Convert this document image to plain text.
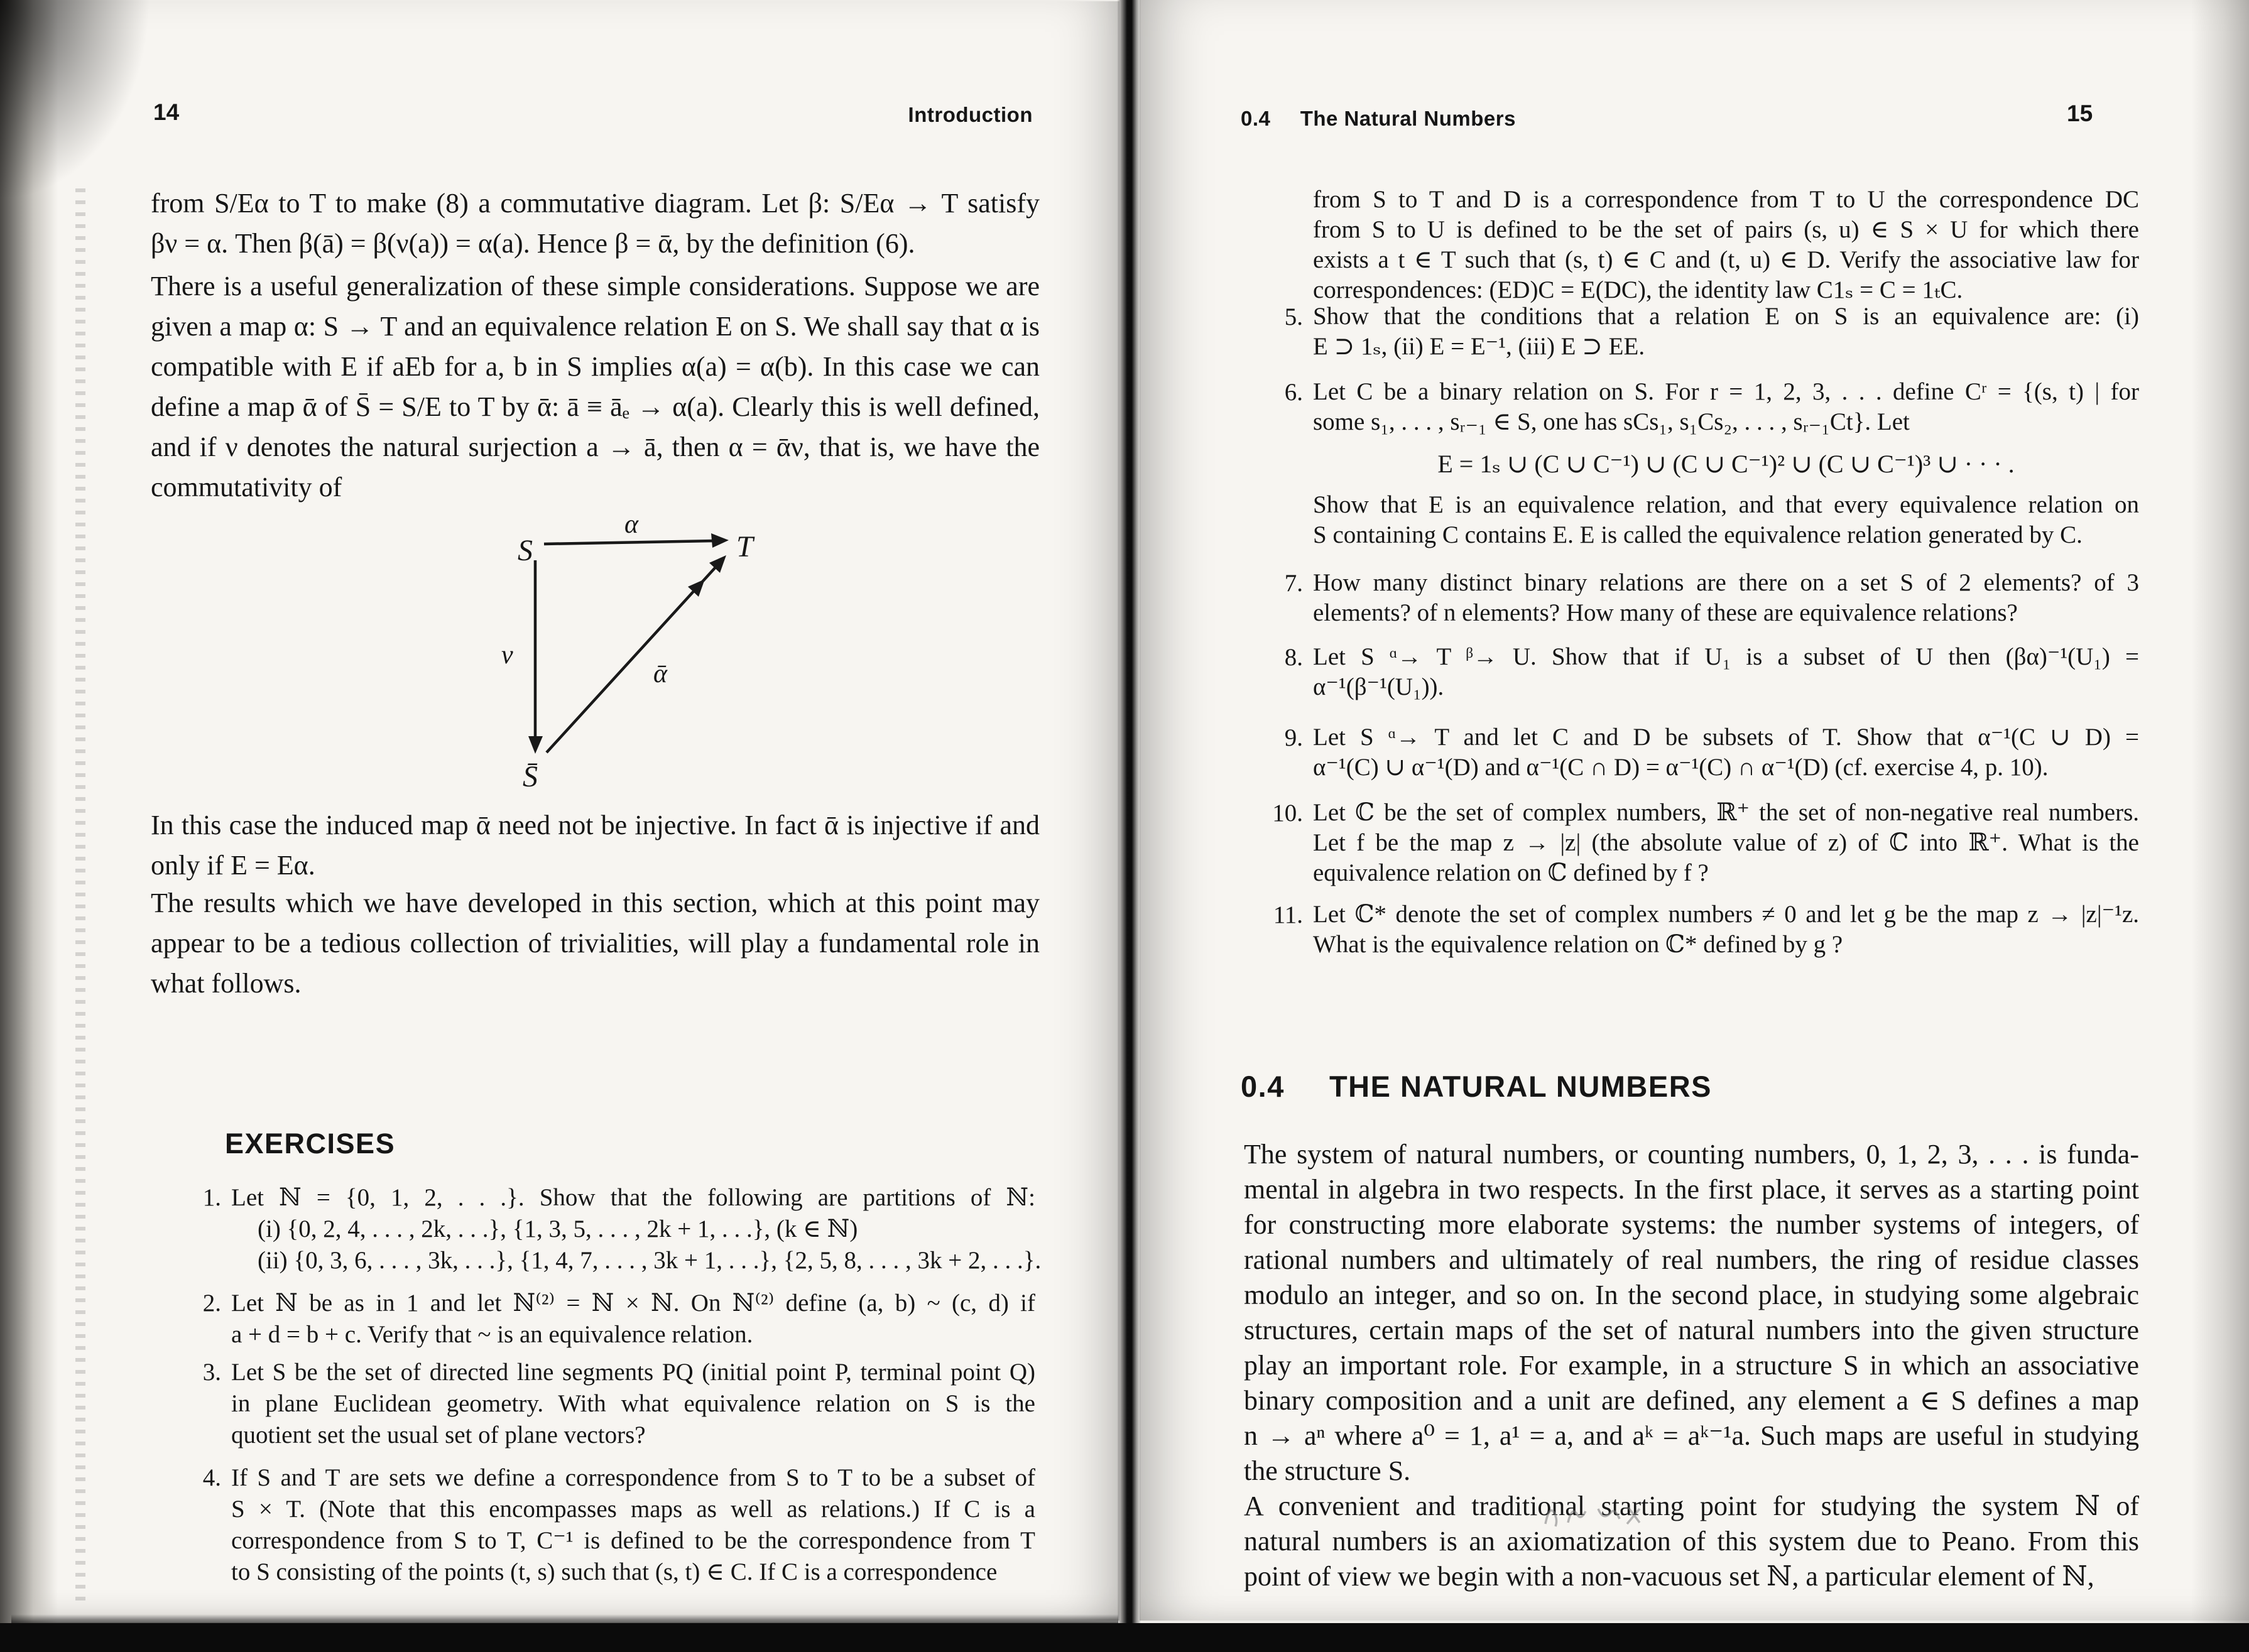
14	Introduction
from S/Eα to T to make (8) a commutative diagram. Let β: S/Eα → T satisfy
βν = α. Then β(ā) = β(ν(a)) = α(a). Hence β = ᾱ, by the definition (6).
There is a useful generalization of these simple considerations. Suppose we are
given a map α: S → T and an equivalence relation E on S. We shall say that α is
compatible with E if aEb for a, b in S implies α(a) = α(b). In this case we can
define a map ᾱ of S̄ = S/E to T by ᾱ: ā ≡ āₑ → α(a). Clearly this is well defined,
and if ν denotes the natural surjection a → ā, then α = ᾱν, that is, we have the
commutativity of
S	T
S̄
α
ν
ᾱ
In this case the induced map ᾱ need not be injective. In fact ᾱ is injective if and
only if E = Eα.
The results which we have developed in this section, which at this point may
appear to be a tedious collection of trivialities, will play a fundamental role in
what follows.
EXERCISES
1. Let ℕ = {0, 1, 2, . . .}. Show that the following are partitions of ℕ:
(i) {0, 2, 4, . . . , 2k, . . .}, {1, 3, 5, . . . , 2k + 1, . . .}, (k ∈ ℕ)
(ii) {0, 3, 6, . . . , 3k, . . .}, {1, 4, 7, . . . , 3k + 1, . . .}, {2, 5, 8, . . . , 3k + 2, . . .}.
2. Let ℕ be as in 1 and let ℕ⁽²⁾ = ℕ × ℕ. On ℕ⁽²⁾ define (a, b) ~ (c, d) if
a + d = b + c. Verify that ~ is an equivalence relation.
3. Let S be the set of directed line segments PQ (initial point P, terminal point Q)
in plane Euclidean geometry. With what equivalence relation on S is the
quotient set the usual set of plane vectors?
4. If S and T are sets we define a correspondence from S to T to be a subset of
S × T. (Note that this encompasses maps as well as relations.) If C is a
correspondence from S to T, C⁻¹ is defined to be the correspondence from T
to S consisting of the points (t, s) such that (s, t) ∈ C. If C is a correspondence
0.4 The Natural Numbers	15
from S to T and D is a correspondence from T to U the correspondence DC
from S to U is defined to be the set of pairs (s, u) ∈ S × U for which there
exists a t ∈ T such that (s, t) ∈ C and (t, u) ∈ D. Verify the associative law for
correspondences: (ED)C = E(DC), the identity law C1ₛ = C = 1ₜC.
5. Show that the conditions that a relation E on S is an equivalence are: (i)
E ⊃ 1ₛ, (ii) E = E⁻¹, (iii) E ⊃ EE.
6. Let C be a binary relation on S. For r = 1, 2, 3, . . . define Cʳ = {(s, t) | for
some s₁, . . . , sᵣ₋₁ ∈ S, one has sCs₁, s₁Cs₂, . . . , sᵣ₋₁Ct}. Let
E = 1ₛ ∪ (C ∪ C⁻¹) ∪ (C ∪ C⁻¹)² ∪ (C ∪ C⁻¹)³ ∪ · · · .
Show that E is an equivalence relation, and that every equivalence relation on
S containing C contains E. E is called the equivalence relation generated by C.
7. How many distinct binary relations are there on a set S of 2 elements? of 3
elements? of n elements? How many of these are equivalence relations?
8. Let S ᵅ→ T ᵝ→ U. Show that if U₁ is a subset of U then (βα)⁻¹(U₁) =
α⁻¹(β⁻¹(U₁)).
9. Let S ᵅ→ T and let C and D be subsets of T. Show that α⁻¹(C ∪ D) =
α⁻¹(C) ∪ α⁻¹(D) and α⁻¹(C ∩ D) = α⁻¹(C) ∩ α⁻¹(D) (cf. exercise 4, p. 10).
10. Let ℂ be the set of complex numbers, ℝ⁺ the set of non-negative real numbers.
Let f be the map z → |z| (the absolute value of z) of ℂ into ℝ⁺. What is the
equivalence relation on ℂ defined by f ?
11. Let ℂ* denote the set of complex numbers ≠ 0 and let g be the map z → |z|⁻¹z.
What is the equivalence relation on ℂ* defined by g ?
0.4 THE NATURAL NUMBERS
The system of natural numbers, or counting numbers, 0, 1, 2, 3, . . . is funda-
mental in algebra in two respects. In the first place, it serves as a starting point
for constructing more elaborate systems: the number systems of integers, of
rational numbers and ultimately of real numbers, the ring of residue classes
modulo an integer, and so on. In the second place, in studying some algebraic
structures, certain maps of the set of natural numbers into the given structure
play an important role. For example, in a structure S in which an associative
binary composition and a unit are defined, any element a ∈ S defines a map
n → aⁿ where a⁰ = 1, a¹ = a, and aᵏ = aᵏ⁻¹a. Such maps are useful in studying
the structure S.
A convenient and traditional starting point for studying the system ℕ of
natural numbers is an axiomatization of this system due to Peano. From this
point of view we begin with a non-vacuous set ℕ, a particular element of ℕ,
